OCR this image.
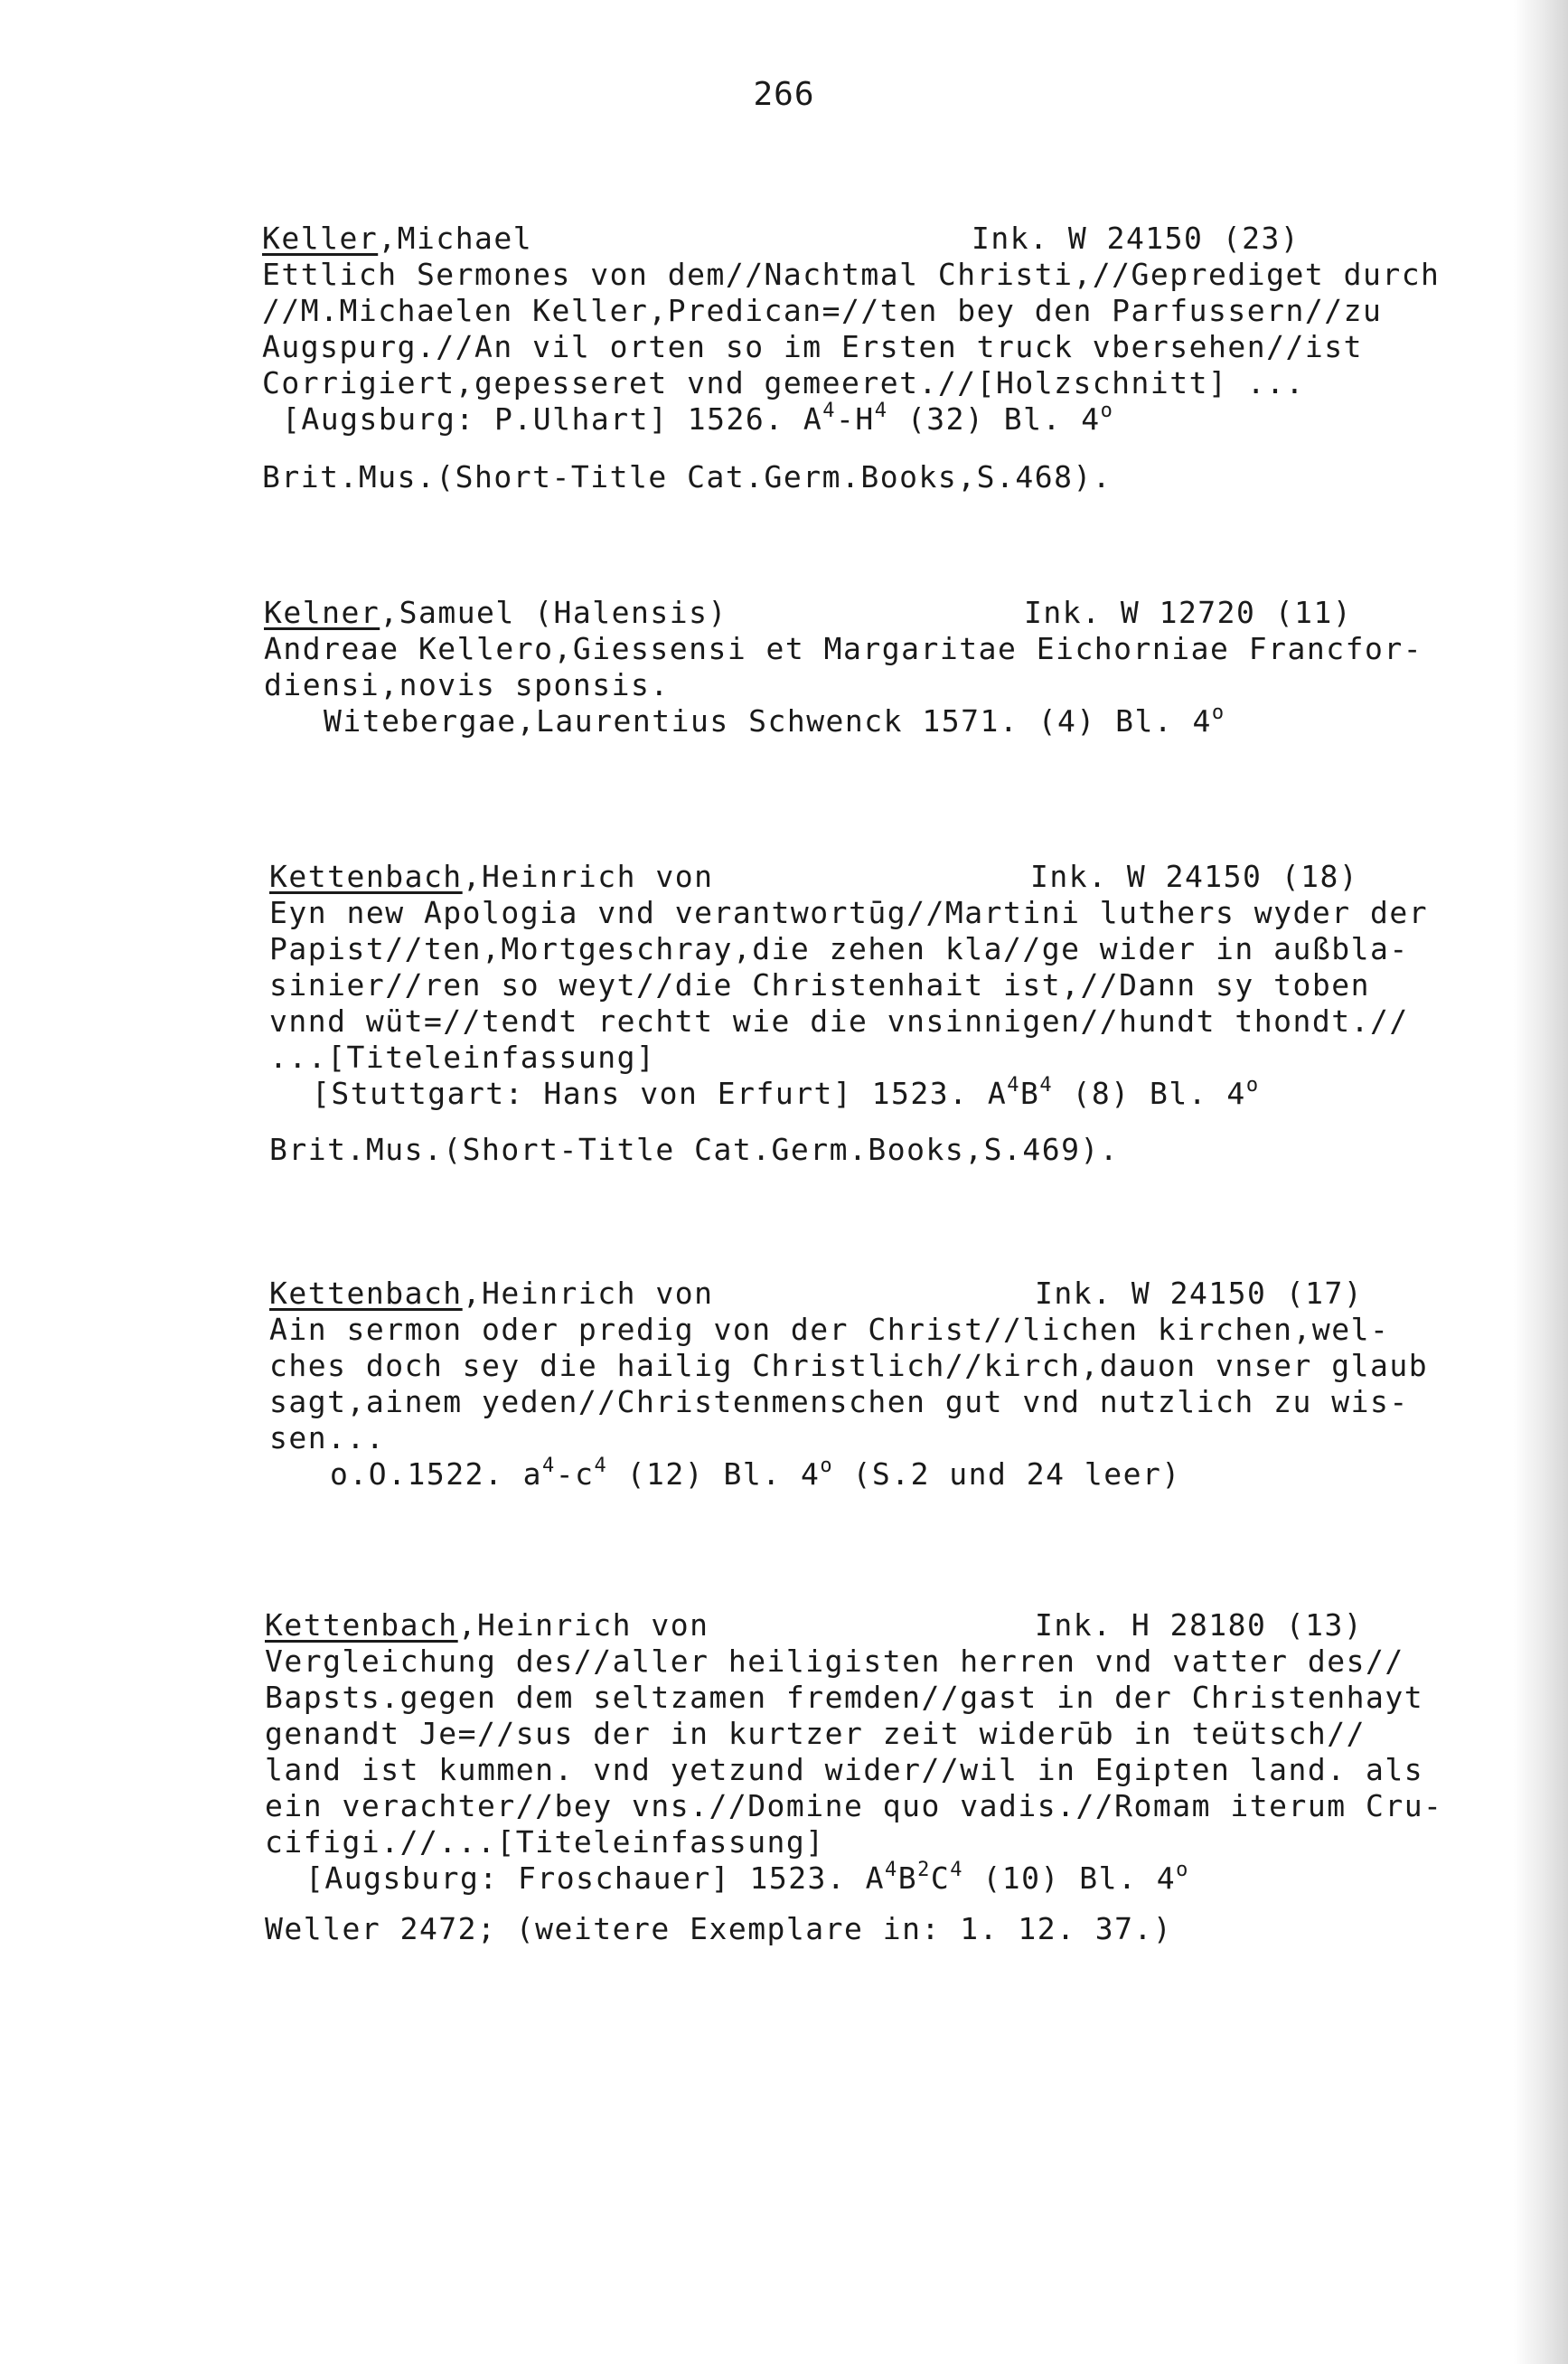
266
Keller,Michael	Ink. W 24150 (23)
Ettlich Sermones von dem//Nachtmal Christi,//Geprediget durch
//M.Michaelen Keller,Predican=//ten bey den Parfussern//zu
Augspurg.//An vil orten so im Ersten truck vbersehen//ist
Corrigiert,gepesseret vnd gemeeret.//[Holzschnitt] ...
[Augsburg: P.Ulhart] 1526. $A^4-H^4$ (32) Bl. 4$^o$
Brit.Mus.(Short-Title Cat.Germ.Books,S.468).
Kelner,Samuel (Halensis)	Ink. W 12720 (11)
Andreae Kellero,Giessensi et Margaritae Eichorniae Francfor-
diensi,novis sponsis.
Witebergae,Laurentius Schwenck 1571. (4) Bl. 4$^o$
Kettenbach,Heinrich von	Ink. W 24150 (18)
Eyn new Apologia vnd verantwortūg//Martini luthers wyder der
Papist//ten,Mortgeschray,die zehen kla//ge wider in außbla-
sinier//ren so weyt//die Christenhait ist,//Dann sy toben
vnnd wüt=//tendt rechtt wie die vnsinnigen//hundt thondt.//
...[Titeleinfassung]
[Stuttgart: Hans von Erfurt] 1523. $A^4B^4$ (8) Bl. 4$^o$
Brit.Mus.(Short-Title Cat.Germ.Books,S.469).
Kettenbach,Heinrich von	Ink. W 24150 (17)
Ain sermon oder predig von der Christ//lichen kirchen,wel-
ches doch sey die hailig Christlich//kirch,dauon vnser glaub
sagt,ainem yeden//Christenmenschen gut vnd nutzlich zu wis-
sen...
o.O.1522. $a^4-c^4$ (12) Bl. 4$^o$ (S.2 und 24 leer)
Kettenbach,Heinrich von	Ink. H 28180 (13)
Vergleichung des//aller heiligisten herren vnd vatter des//
Bapsts.gegen dem seltzamen fremden//gast in der Christenhayt
genandt Je=//sus der in kurtzer zeit widerūb in teütsch//
land ist kummen. vnd yetzund wider//wil in Egipten land. als
ein verachter//bey vns.//Domine quo vadis.//Romam iterum Cru-
cifigi.//...[Titeleinfassung]
[Augsburg: Froschauer] 1523. $A^4B^2C^4$ (10) Bl. 4$^o$
Weller 2472; (weitere Exemplare in: 1. 12. 37.)
